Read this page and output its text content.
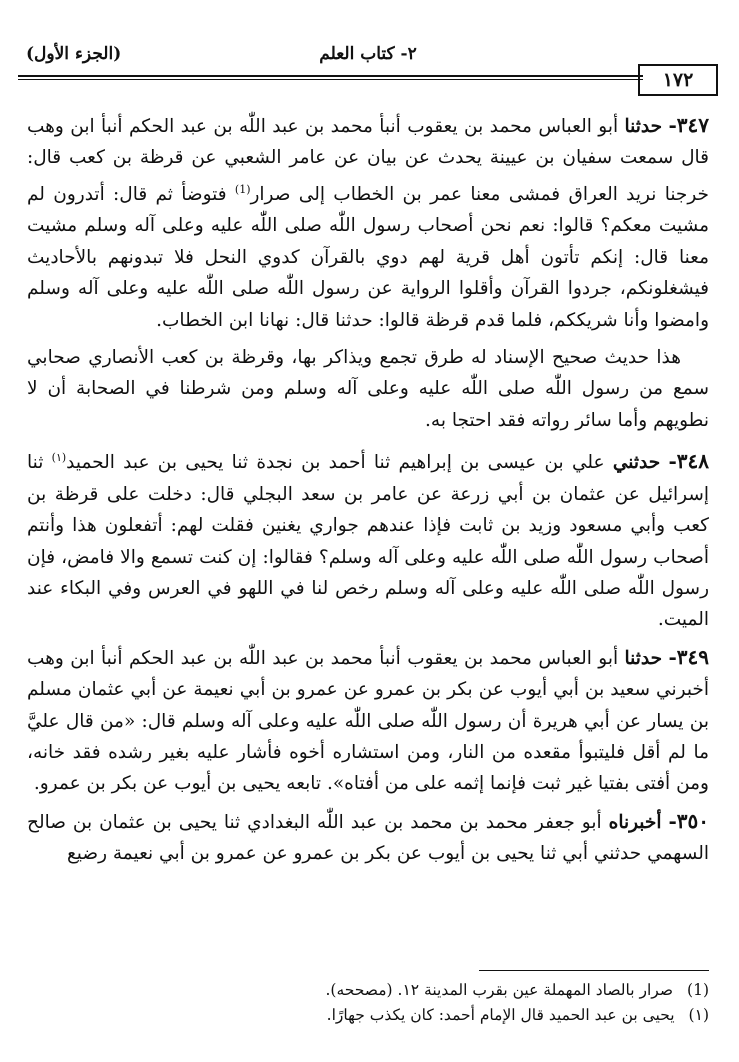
١٧٢
٢- كتاب العلم
(الجزء الأول)

٣٤٧- حدثنا أبو العباس محمد بن يعقوب أنبأ محمد بن عبد اللّٰه بن عبد الحكم أنبأ ابن وهب قال سمعت سفيان بن عيينة يحدث عن بيان عن عامر الشعبي عن قرظة بن كعب قال: خرجنا نريد العراق فمشى معنا عمر بن الخطاب إلى صرار$^{(1)}$ فتوضأ ثم قال: أتدرون لم مشيت معكم؟ قالوا: نعم نحن أصحاب رسول اللّٰه صلى اللّٰه عليه وعلى آله وسلم مشيت معنا قال: إنكم تأتون أهل قرية لهم دوي بالقرآن كدوي النحل فلا تبدونهم بالأحاديث فيشغلونكم، جردوا القرآن وأقلوا الرواية عن رسول اللّٰه صلى اللّٰه عليه وعلى آله وسلم وامضوا وأنا شريككم، فلما قدم قرظة قالوا: حدثنا قال: نهانا ابن الخطاب.

هذا حديث صحيح الإسناد له طرق تجمع ويذاكر بها، وقرظة بن كعب الأنصاري صحابي سمع من رسول اللّٰه صلى اللّٰه عليه وعلى آله وسلم ومن شرطنا في الصحابة أن لا نطويهم وأما سائر رواته فقد احتجا به.

٣٤٨- حدثني علي بن عيسى بن إبراهيم ثنا أحمد بن نجدة ثنا يحيى بن عبد الحميد$^{(١)}$ ثنا إسرائيل عن عثمان بن أبي زرعة عن عامر بن سعد البجلي قال: دخلت على قرظة بن كعب وأبي مسعود وزيد بن ثابت فإذا عندهم جواري يغنين فقلت لهم: أتفعلون هذا وأنتم أصحاب رسول اللّٰه صلى اللّٰه عليه وعلى آله وسلم؟ فقالوا: إن كنت تسمع والا فامض، فإن رسول اللّٰه صلى اللّٰه عليه وعلى آله وسلم رخص لنا في اللهو في العرس وفي البكاء عند الميت.

٣٤٩- حدثنا أبو العباس محمد بن يعقوب أنبأ محمد بن عبد اللّٰه بن عبد الحكم أنبأ ابن وهب أخبرني سعيد بن أبي أيوب عن بكر بن عمرو عن عمرو بن أبي نعيمة عن أبي عثمان مسلم بن يسار عن أبي هريرة أن رسول اللّٰه صلى اللّٰه عليه وعلى آله وسلم قال: «من قال عليَّ ما لم أقل فليتبوأ مقعده من النار، ومن استشاره أخوه فأشار عليه بغير رشده فقد خانه، ومن أفتى بفتيا غير ثبت فإنما إثمه على من أفتاه». تابعه يحيى بن أيوب عن بكر بن عمرو.

٣٥٠- أخبرناه أبو جعفر محمد بن محمد بن عبد اللّٰه البغدادي ثنا يحيى بن عثمان بن صالح السهمي حدثني أبي ثنا يحيى بن أيوب عن بكر بن عمرو عن عمرو بن أبي نعيمة رضيع

(1)صرار بالصاد المهملة عين بقرب المدينة ١٢. (مصححه).

(١)يحيى بن عبد الحميد قال الإمام أحمد: كان يكذب جهارًا.
